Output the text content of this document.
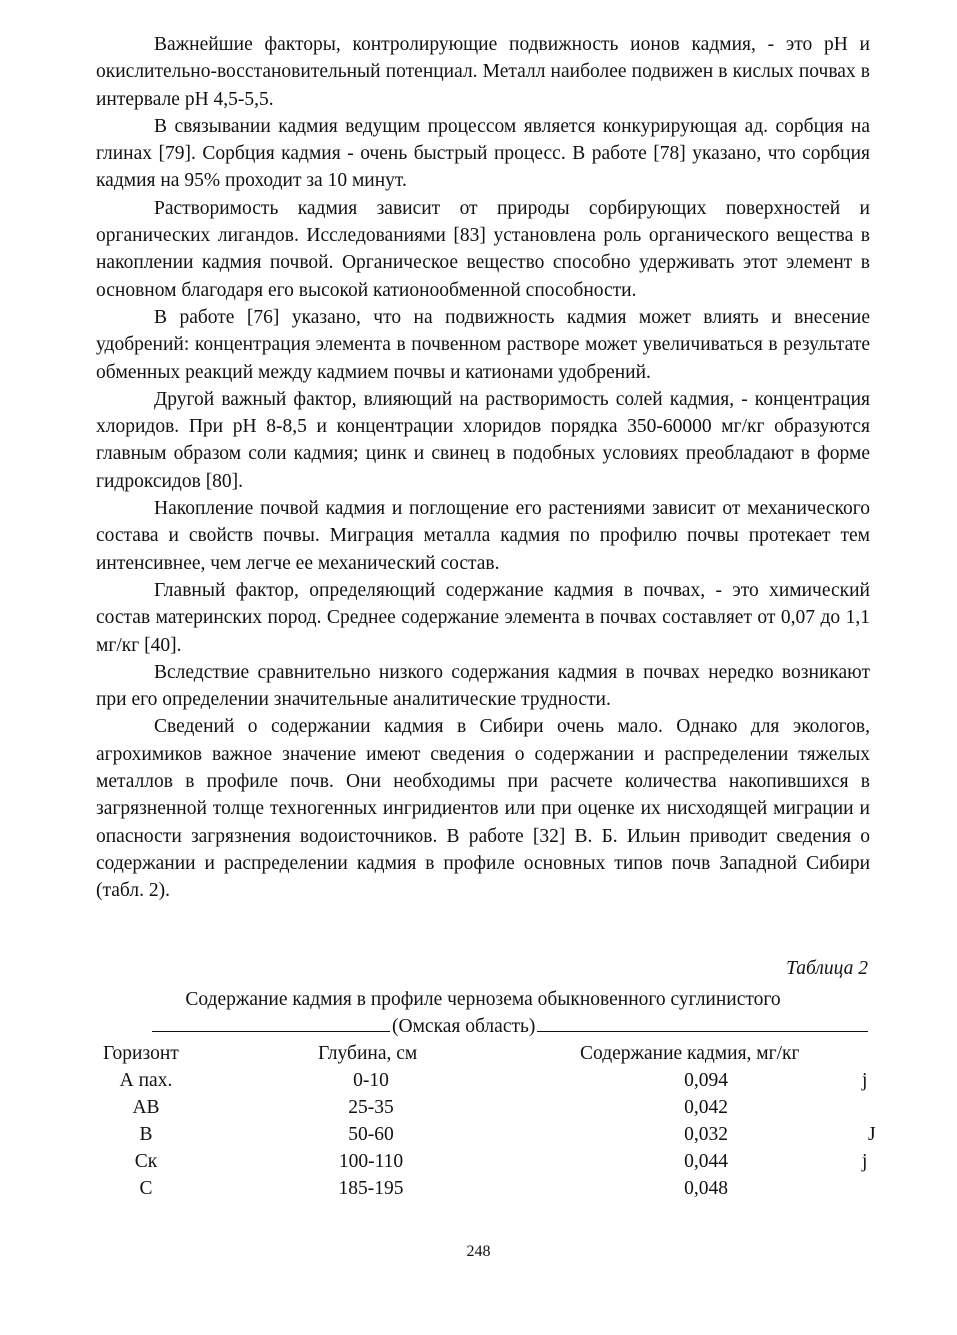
Важнейшие факторы, контролирующие подвижность ионов кадмия, - это рН и окислительно-восстановительный потенциал. Металл наиболее подвижен в кислых почвах в интервале рН 4,5-5,5.

В связывании кадмия ведущим процессом является конкурирующая ад. сорбция на глинах [79]. Сорбция кадмия - очень быстрый процесс. В работе [78] указано, что сорбция кадмия на 95% проходит за 10 минут.

Растворимость кадмия зависит от природы сорбирующих поверхностей и органических лигандов. Исследованиями [83] установлена роль органического вещества в накоплении кадмия почвой. Органическое вещество способно удерживать этот элемент в основном благодаря его высокой катионообменной способности.

В работе [76] указано, что на подвижность кадмия может влиять и внесение удобрений: концентрация элемента в почвенном растворе может увеличиваться в результате обменных реакций между кадмием почвы и катионами удобрений.

Другой важный фактор, влияющий на растворимость солей кадмия, - концентрация хлоридов. При рН 8-8,5 и концентрации хлоридов порядка 350-60000 мг/кг образуются главным образом соли кадмия; цинк и свинец в подобных условиях преобладают в форме гидроксидов [80].

Накопление почвой кадмия и поглощение его растениями зависит от механического состава и свойств почвы. Миграция металла кадмия по профилю почвы протекает тем интенсивнее, чем легче ее механический состав.

Главный фактор, определяющий содержание кадмия в почвах, - это химический состав материнских пород. Среднее содержание элемента в почвах составляет от 0,07 до 1,1 мг/кг [40].

Вследствие сравнительно низкого содержания кадмия в почвах нередко возникают при его определении значительные аналитические трудности.

Сведений о содержании кадмия в Сибири очень мало. Однако для экологов, агрохимиков важное значение имеют сведения о содержании и распределении тяжелых металлов в профиле почв. Они необходимы при расчете количества накопившихся в загрязненной толще техногенных ингридиентов или при оценке их нисходящей миграции и опасности загрязнения водоисточников. В работе [32] В. Б. Ильин приводит сведения о содержании и распределении кадмия в профиле основных типов почв Западной Сибири (табл. 2).

Таблица 2
Содержание кадмия в профиле чернозема обыкновенного суглинистого
(Омская область)
Горизонт	Глубина, см	Содержание кадмия, мг/кг
А пах.	0-10	0,094	j
АВ	25-35	0,042
В	50-60	0,032	J
Ск	100-110	0,044	j
С	185-195	0,048
248
